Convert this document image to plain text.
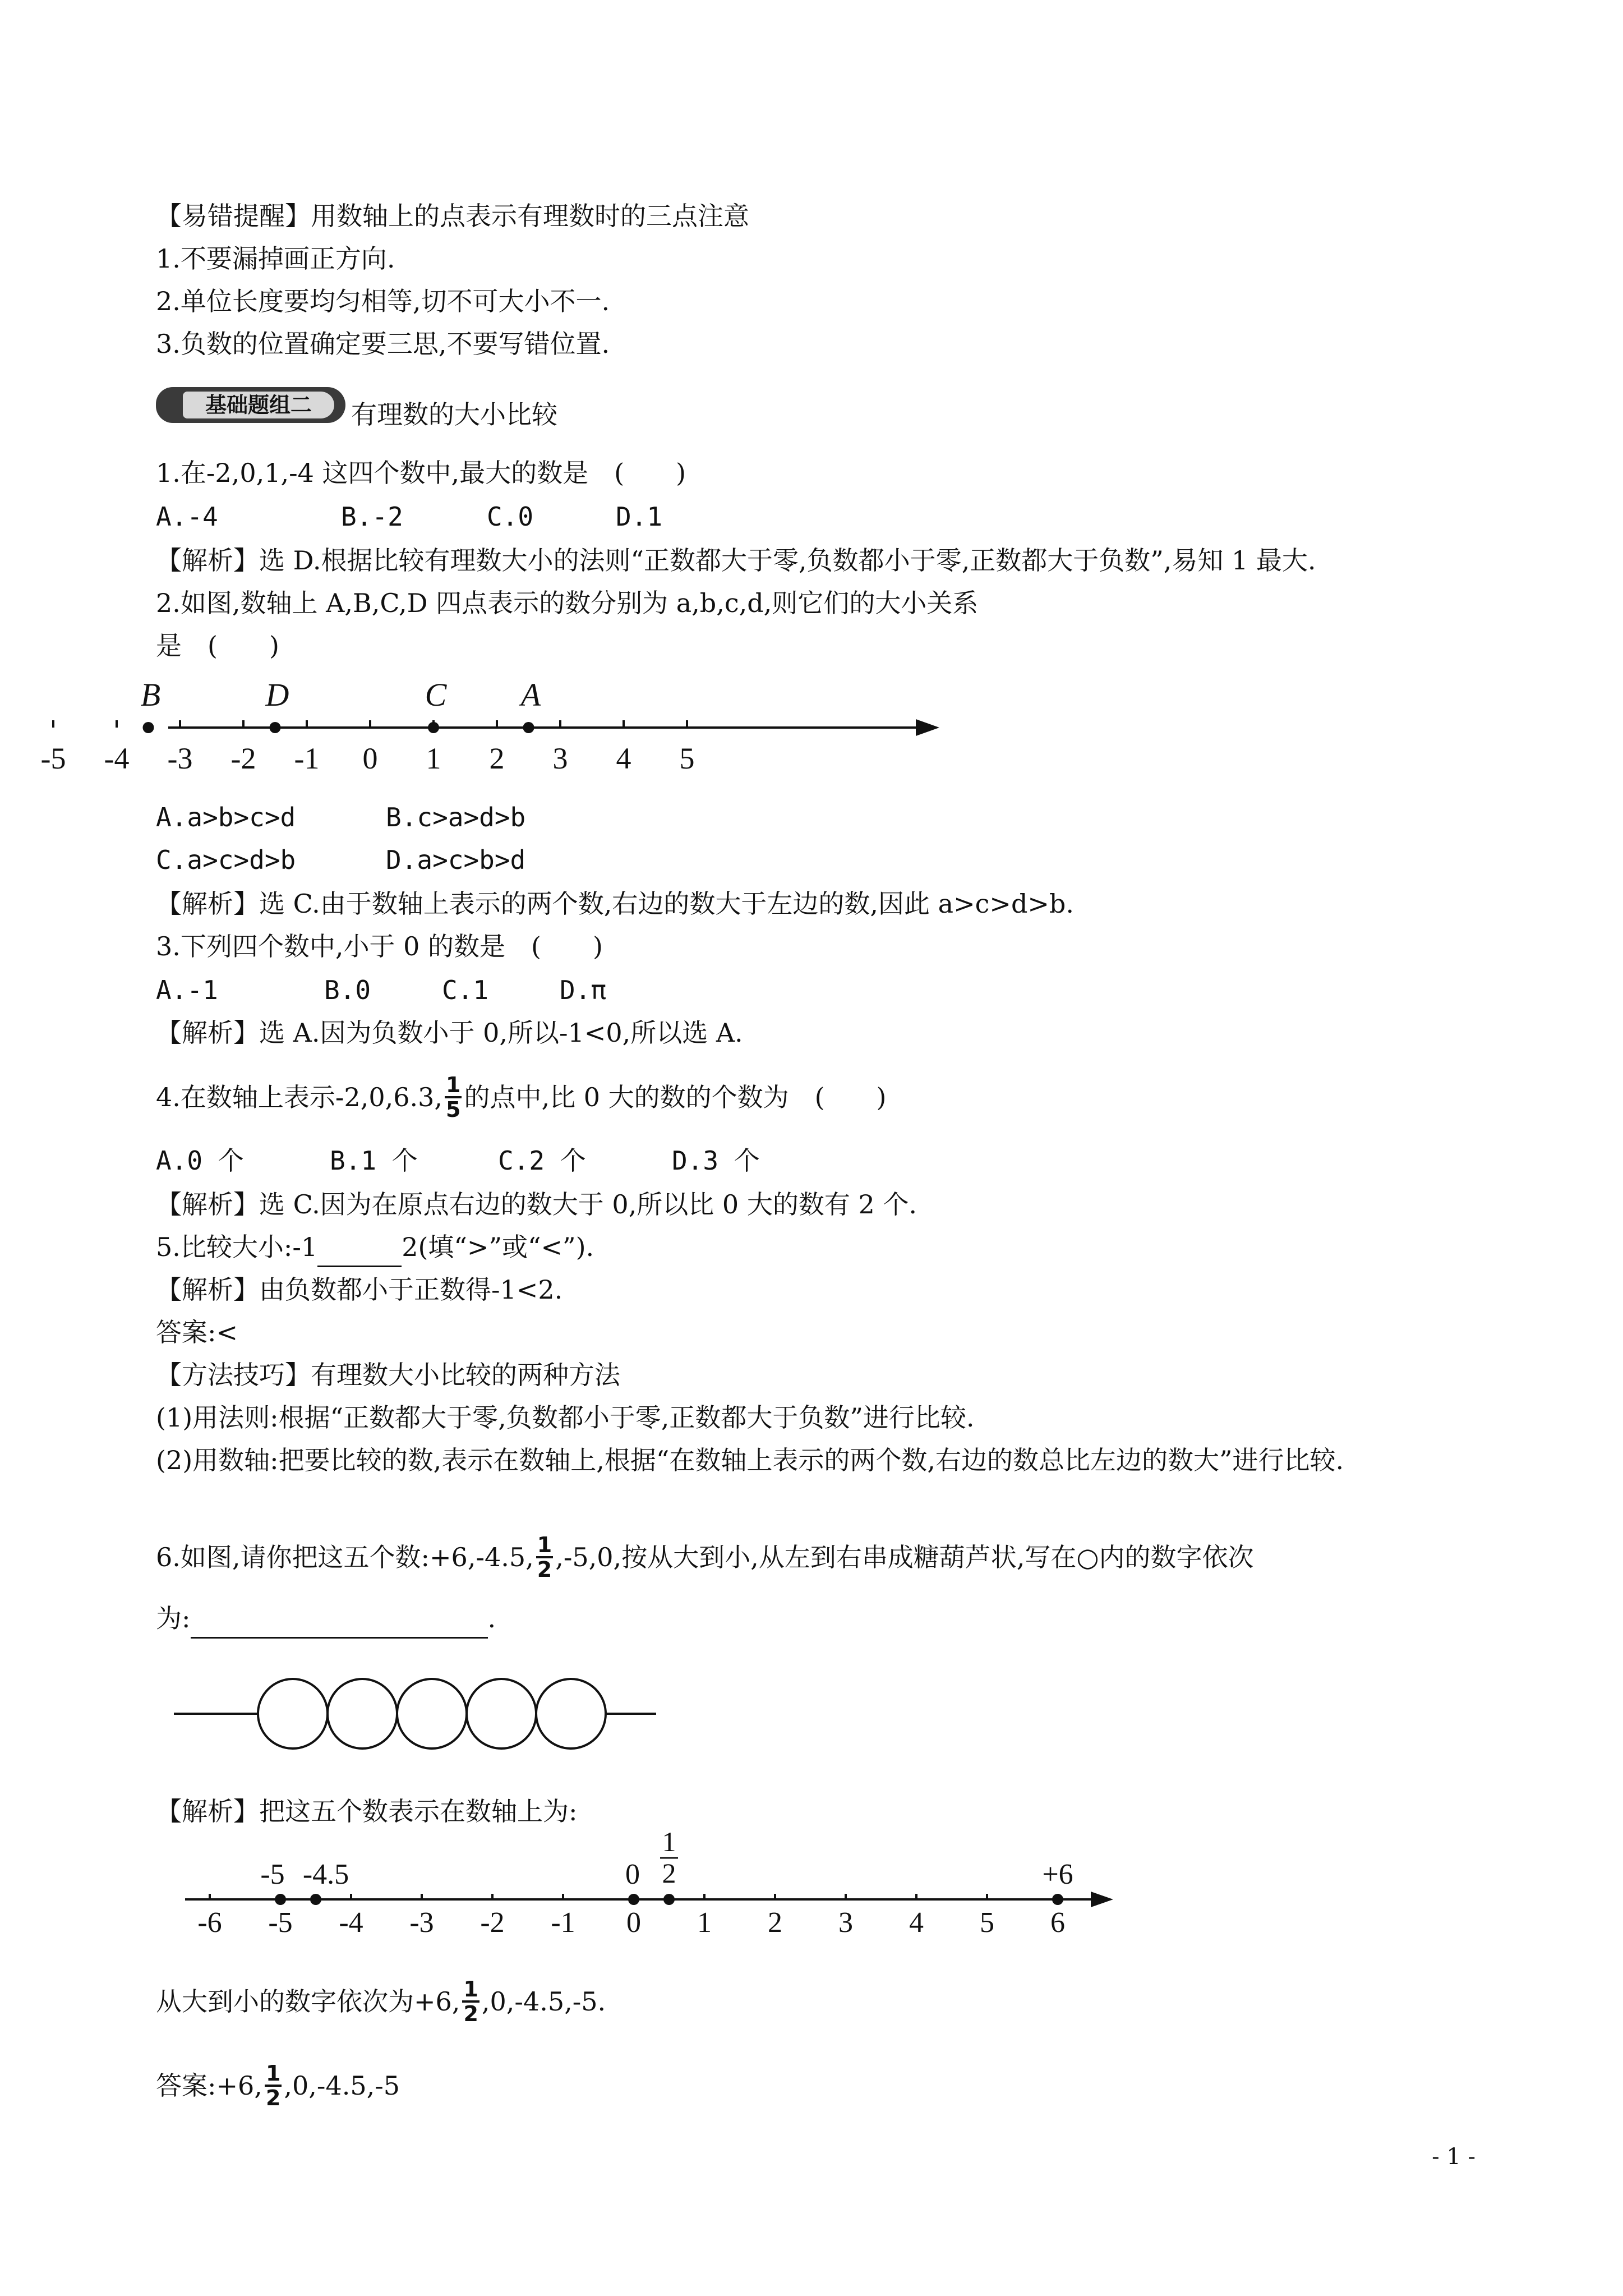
【易错提醒】用数轴上的点表示有理数时的三点注意
1.不要漏掉画正方向.
2.单位长度要均匀相等,切不可大小不一.
3.负数的位置确定要三思,不要写错位置.
基础题组二	有理数的大小比较
1.在-2,0,1,-4 这四个数中,最大的数是　(　　)
A.-4	B.-2	C.0	D.1
【解析】选 D.根据比较有理数大小的法则“正数都大于零,负数都小于零,正数都大于负数”,易知 1 最大.
2.如图,数轴上 A,B,C,D 四点表示的数分别为 a,b,c,d,则它们的大小关系
是　(　　)
-5 -4 -3 -2 -1 0 1 2 3 4 5
B	D	C A
A.a>b>c>d	B.c>a>d>b
C.a>c>d>b	D.a>c>b>d
【解析】选 C.由于数轴上表示的两个数,右边的数大于左边的数,因此 a>c>d>b.
3.下列四个数中,小于 0 的数是　(　　)
A.-1	B.0	C.1	D.π
【解析】选 A.因为负数小于 0,所以-1<0,所以选 A.
4.在数轴上表示-2,0,6.3, $\frac{1}{5}$ 的点中,比 0 大的数的个数为　(　　)
A.0 个	B.1 个	C.2 个	D.3 个
【解析】选 C.因为在原点右边的数大于 0,所以比 0 大的数有 2 个.
5.比较大小:-1	2(填“>”或“<”).
【解析】由负数都小于正数得-1<2.
答案:<
【方法技巧】有理数大小比较的两种方法
(1)用法则:根据“正数都大于零,负数都小于零,正数都大于负数”进行比较.
(2)用数轴:把要比较的数,表示在数轴上,根据“在数轴上表示的两个数,右边的数总比左边的数大”进行比较.
6.如图,请你把这五个数:+6,-4.5, $\frac{1}{2} ,-5,0$,按从大到小,从左到右串成糖葫芦状,写在○内的数字依次
为:	.
【解析】把这五个数表示在数轴上为:
-6 -5 -4 -3 -2 -1 0 1 2 3 4 5 6
-5 -4.5	0
1
2	+6
从大到小的数字依次为+6, $\frac{1}{2} ,0,-4.5,-5$.
答案:+6, $\frac{1}{2} ,0,-4.5,-5$
- 1 -
